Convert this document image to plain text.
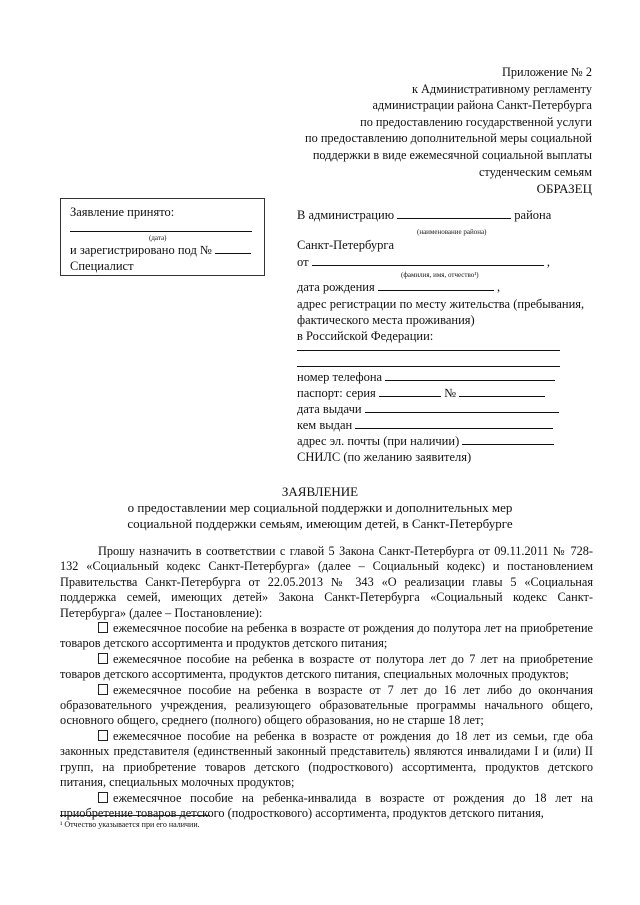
Приложение № 2
к Административному регламенту
администрации района Санкт-Петербурга
по предоставлению государственной услуги
по предоставлению дополнительной меры социальной
поддержки в виде ежемесячной социальной выплаты
студенческим семьям
ОБРАЗЕЦ
Заявление принято:
(дата)
и зарегистрировано под №
Специалист
В администрацию	района
(наименование района)
Санкт-Петербурга
от	,
(фамилия, имя, отчество¹)
дата рождения	,
адрес регистрации по месту жительства (пребывания,
фактического места проживания)
в Российской Федерации:
номер телефона
паспорт: серия	№
дата выдачи
кем выдан
адрес эл. почты (при наличии)
СНИЛС (по желанию заявителя)
ЗАЯВЛЕНИЕ
о предоставлении мер социальной поддержки и дополнительных мер
социальной поддержки семьям, имеющим детей, в Санкт-Петербурге

Прошу назначить в соответствии с главой 5 Закона Санкт-Петербурга от 09.11.2011 № 728-132 «Социальный кодекс Санкт-Петербурга» (далее – Социальный кодекс) и постановлением Правительства Санкт-Петербурга от 22.05.2013 № 343 «О реализации главы 5 «Социальная поддержка семей, имеющих детей» Закона Санкт-Петербурга «Социальный кодекс Санкт-Петербурга» (далее – Постановление):

ежемесячное пособие на ребенка в возрасте от рождения до полутора лет на приобретение товаров детского ассортимента и продуктов детского питания;

ежемесячное пособие на ребенка в возрасте от полутора лет до 7 лет на приобретение товаров детского ассортимента, продуктов детского питания, специальных молочных продуктов;

ежемесячное пособие на ребенка в возрасте от 7 лет до 16 лет либо до окончания образовательного учреждения, реализующего образовательные программы начального общего, основного общего, среднего (полного) общего образования, но не старше 18 лет;

ежемесячное пособие на ребенка в возрасте от рождения до 18 лет из семьи, где оба законных представителя (единственный законный представитель) являются инвалидами I и (или) II групп, на приобретение товаров детского (подросткового) ассортимента, продуктов детского питания, специальных молочных продуктов;

ежемесячное пособие на ребенка-инвалида в возрасте от рождения до 18 лет на приобретение товаров детского (подросткового) ассортимента, продуктов детского питания,

¹ Отчество указывается при его наличии.
